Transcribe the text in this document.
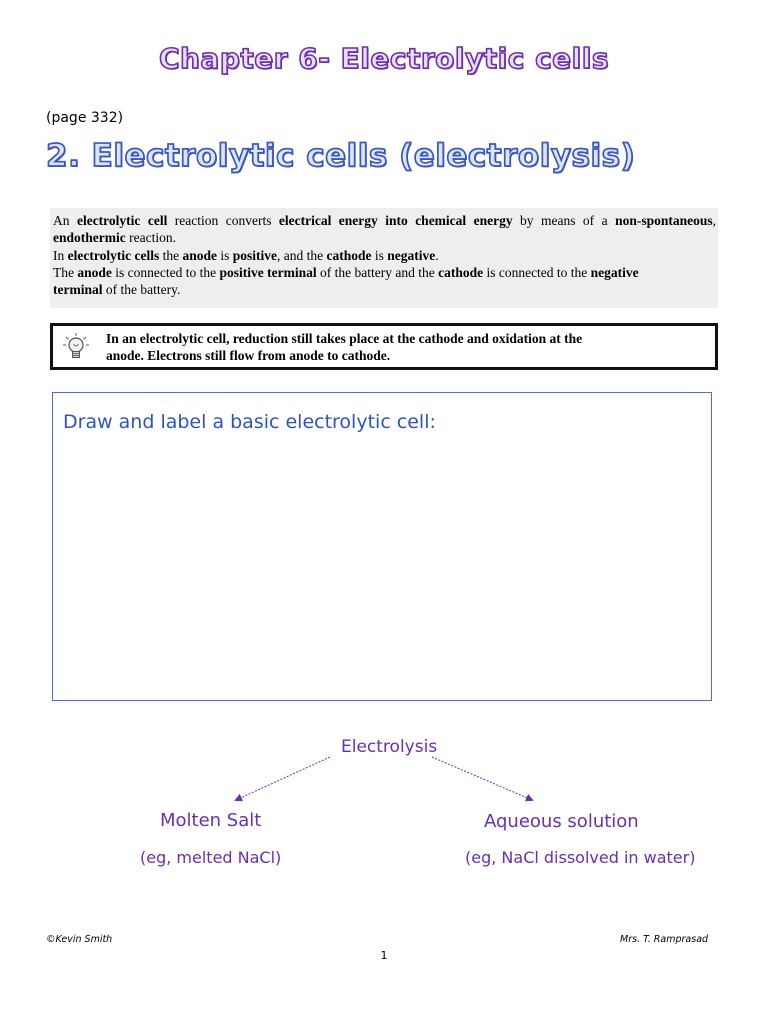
Chapter 6- Electrolytic cells
(page 332)
2. Electrolytic cells (electrolysis)

An electrolytic cell reaction converts electrical energy into chemical energy by means of a non-spontaneous, endothermic reaction.

In electrolytic cells the anode is positive, and the cathode is negative.

The anode is connected to the positive terminal of the battery and the cathode is connected to the negative
terminal of the battery.

In an electrolytic cell, reduction still takes place at the cathode and oxidation at the
anode. Electrons still flow from anode to cathode.
Draw and label a basic electrolytic cell:
Electrolysis
Molten Salt
(eg, melted NaCl)
Aqueous solution
(eg, NaCl dissolved in water)
©Kevin Smith	Mrs. T. Ramprasad
1
